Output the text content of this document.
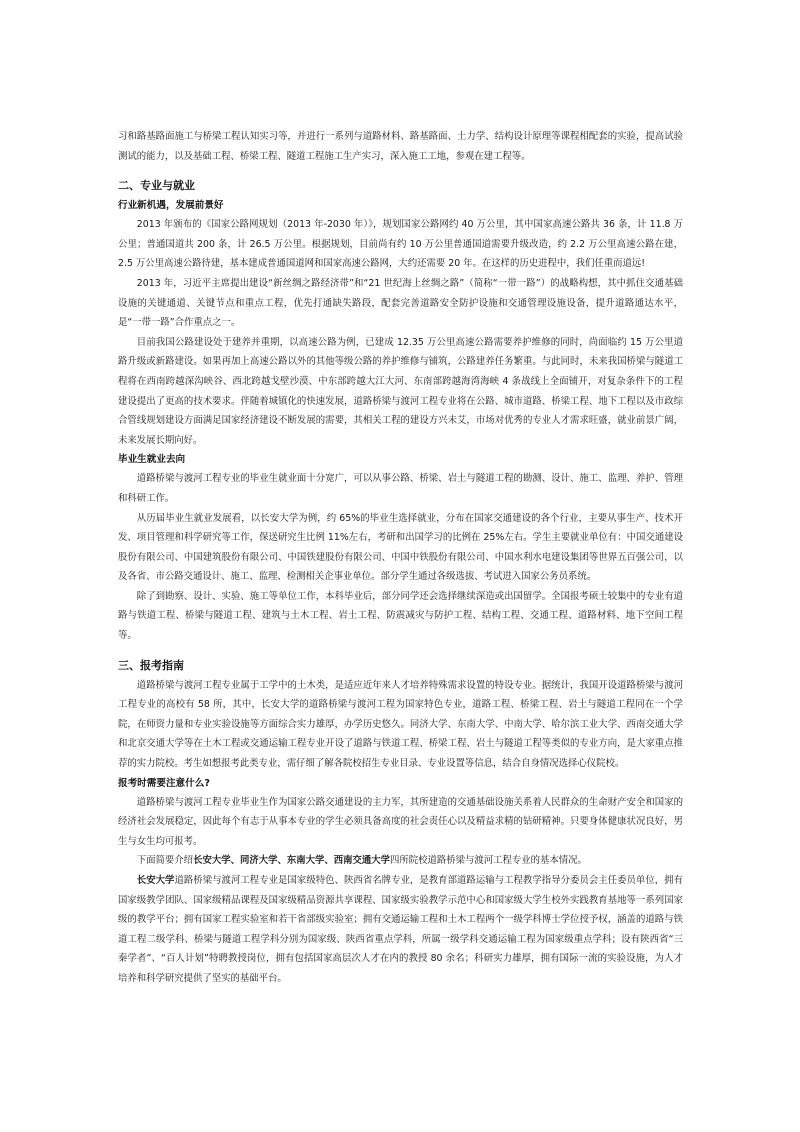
习和路基路面施工与桥梁工程认知实习等，并进行一系列与道路材料、路基路面、土力学、结构设计原理等课程相配套的实验，提高试验测试的能力，以及基础工程、桥梁工程、隧道工程施工生产实习，深入施工工地，参观在建工程等。

二、专业与就业
行业新机遇，发展前景好

2013 年颁布的《国家公路网规划（2013 年-2030 年）》，规划国家公路网约 40 万公里，其中国家高速公路共 36 条，计 11.8 万公里；普通国道共 200 条，计 26.5 万公里。根据规划，目前尚有约 10 万公里普通国道需要升级改造，约 2.2 万公里高速公路在建，2.5 万公里高速公路待建，基本建成普通国道网和国家高速公路网，大约还需要 20 年。在这样的历史进程中，我们任重而道远!

2013 年，习近平主席提出建设“新丝绸之路经济带”和“21 世纪海上丝绸之路”（简称“一带一路”）的战略构想，其中抓住交通基础设施的关键通道、关键节点和重点工程，优先打通缺失路段，配套完善道路安全防护设施和交通管理设施设备，提升道路通达水平，是“一带一路”合作重点之一。

目前我国公路建设处于建养并重期，以高速公路为例，已建成 12.35 万公里高速公路需要养护维修的同时，尚面临约 15 万公里道路升级或新路建设。如果再加上高速公路以外的其他等级公路的养护维修与铺筑，公路建养任务繁重。与此同时，未来我国桥梁与隧道工程将在西南跨越深沟峡谷、西北跨越戈壁沙漠、中东部跨越大江大河、东南部跨越海湾海峡 4 条战线上全面铺开，对复杂条件下的工程建设提出了更高的技术要求。伴随着城镇化的快速发展，道路桥梁与渡河工程专业将在公路、城市道路、桥梁工程、地下工程以及市政综合管线规划建设方面满足国家经济建设不断发展的需要，其相关工程的建设方兴未艾，市场对优秀的专业人才需求旺盛，就业前景广阔，未来发展长期向好。

毕业生就业去向

道路桥梁与渡河工程专业的毕业生就业面十分宽广，可以从事公路、桥梁、岩土与隧道工程的勘测、设计、施工、监理、养护、管理和科研工作。

从历届毕业生就业发展看，以长安大学为例，约 65%的毕业生选择就业，分布在国家交通建设的各个行业，主要从事生产、技术开发、项目管理和科学研究等工作，保送研究生比例 11%左右，考研和出国学习的比例在 25%左右。学生主要就业单位有：中国交通建设股份有限公司、中国建筑股份有限公司、中国铁建股份有限公司、中国中铁股份有限公司、中国水利水电建设集团等世界五百强公司，以及各省、市公路交通设计、施工、监理、检测相关企事业单位。部分学生通过各级选拔、考试进入国家公务员系统。

除了到勘察、设计、实验、施工等单位工作，本科毕业后，部分同学还会选择继续深造或出国留学。全国报考硕士较集中的专业有道路与铁道工程、桥梁与隧道工程、建筑与土木工程、岩土工程、防震减灾与防护工程、结构工程、交通工程、道路材料、地下空间工程等。

三、报考指南

道路桥梁与渡河工程专业属于工学中的土木类，是适应近年来人才培养特殊需求设置的特设专业。据统计，我国开设道路桥梁与渡河工程专业的高校有 58 所，其中，长安大学的道路桥梁与渡河工程为国家特色专业，道路工程、桥梁工程、岩土与隧道工程同在一个学院，在师资力量和专业实验设施等方面综合实力雄厚，办学历史悠久。同济大学、东南大学、中南大学、哈尔滨工业大学、西南交通大学和北京交通大学等在土木工程或交通运输工程专业开设了道路与铁道工程、桥梁工程、岩土与隧道工程等类似的专业方向，是大家重点推荐的实力院校。考生如想报考此类专业，需仔细了解各院校招生专业目录、专业设置等信息，结合自身情况选择心仪院校。

报考时需要注意什么?

道路桥梁与渡河工程专业毕业生作为国家公路交通建设的主力军，其所建造的交通基础设施关系着人民群众的生命财产安全和国家的经济社会发展稳定，因此每个有志于从事本专业的学生必须具备高度的社会责任心以及精益求精的钻研精神。只要身体健康状况良好，男生与女生均可报考。

下面简要介绍长安大学、同济大学、东南大学、西南交通大学四所院校道路桥梁与渡河工程专业的基本情况。

长安大学道路桥梁与渡河工程专业是国家级特色、陕西省名牌专业，是教育部道路运输与工程教学指导分委员会主任委员单位，拥有国家级教学团队、国家级精品课程及国家级精品资源共享课程、国家级实验教学示范中心和国家级大学生校外实践教育基地等一系列国家级的教学平台；拥有国家工程实验室和若干省部级实验室；拥有交通运输工程和土木工程两个一级学科博士学位授予权，涵盖的道路与铁道工程二级学科、桥梁与隧道工程学科分别为国家级、陕西省重点学科，所属一级学科交通运输工程为国家级重点学科；设有陕西省“三秦学者”、“百人计划”特聘教授岗位，拥有包括国家高层次人才在内的教授 80 余名；科研实力雄厚，拥有国际一流的实验设施，为人才培养和科学研究提供了坚实的基础平台。
